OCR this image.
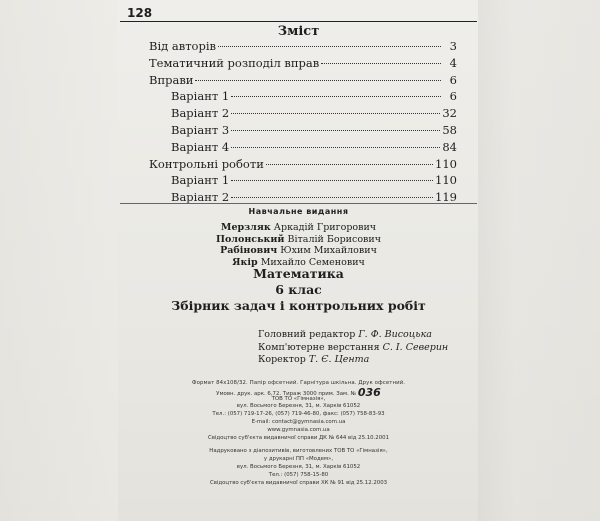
128
Зміст
Від авторів	3
Тематичний розподіл вправ	4
Вправи	6
Варіант 1	6
Варіант 2	32
Варіант 3	58
Варіант 4	84
Контрольні роботи	110
Варіант 1	110
Варіант 2	119
Навчальне видання
Мерзляк Аркадій Григорович
Полонський Віталій Борисович
Рабінович Юхим Михайлович
Якір Михайло Семенович
Математика
6 клас
Збірник задач і контрольних робіт
Головний редактор Г. Ф. Висоцька
Комп'ютерне верстання С. І. Северин
Коректор Т. Є. Цента
Формат 84х108/32. Папір офсетний. Гарнітура шкільна. Друк офсетний.
Умовн. друк. арк. 6,72. Тираж 3000 прим. Зам. № 036
ТОВ ТО «Гімназія»,
вул. Восьмого Березня, 31, м. Харків 61052
Тел.: (057) 719-17-26, (057) 719-46-80, факс: (057) 758-83-93
E-mail: contact@gymnasia.com.ua
www.gymnasia.com.ua
Свідоцтво суб'єкта видавничої справи ДК № 644 від 25.10.2001
Надруковано з діапозитивів, виготовлених ТОВ ТО «Гімназія»,
у друкарні ПП «Модем»,
вул. Восьмого Березня, 31, м. Харків 61052
Тел.: (057) 758-15-80
Свідоцтво суб'єкта видавничої справи ХК № 91 від 25.12.2003
